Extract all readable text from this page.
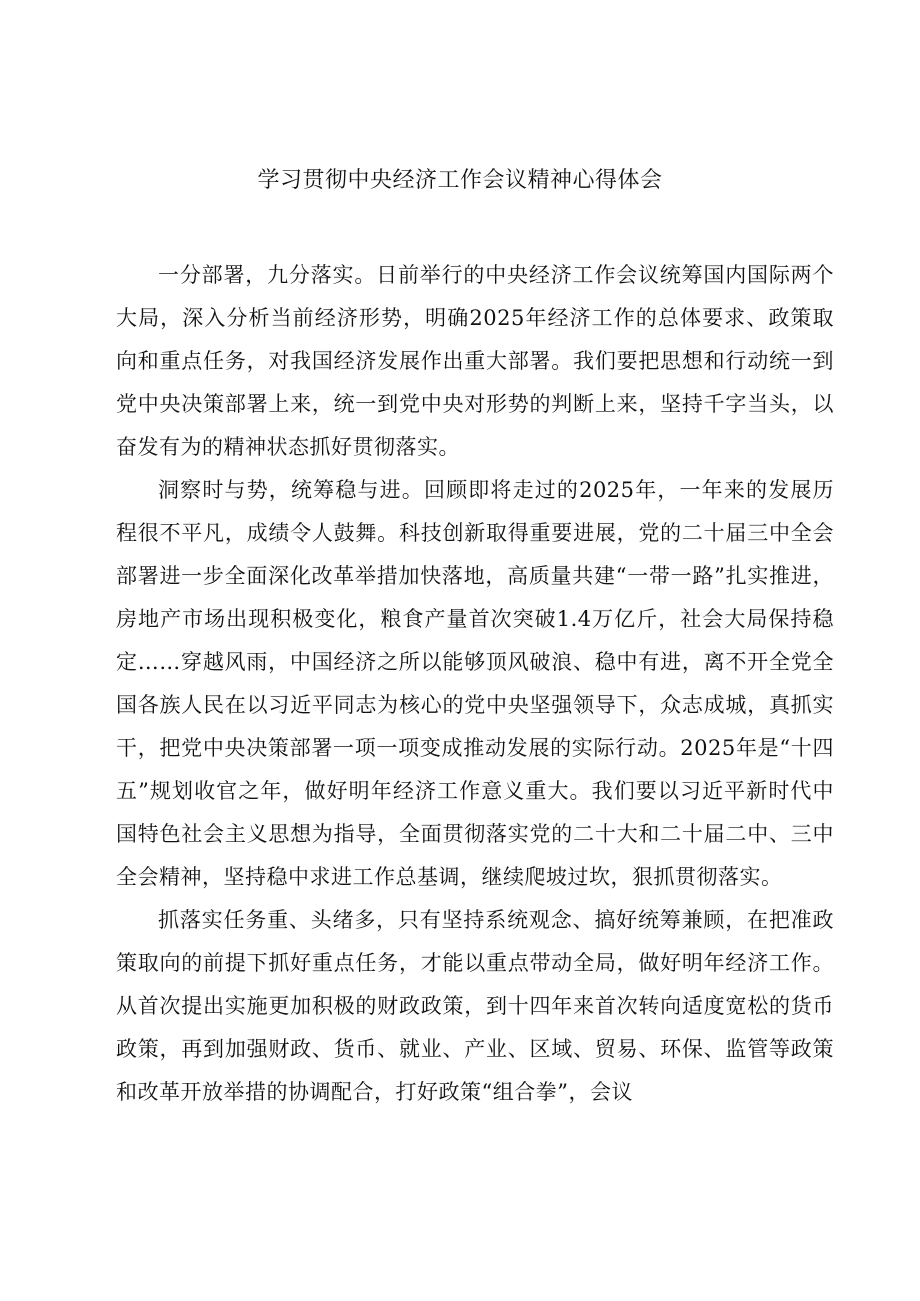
学习贯彻中央经济工作会议精神心得体会

一分部署，九分落实。日前举行的中央经济工作会议统筹国内国际两个大局，深入分析当前经济形势，明确2025年经济工作的总体要求、政策取向和重点任务，对我国经济发展作出重大部署。我们要把思想和行动统一到党中央决策部署上来，统一到党中央对形势的判断上来，坚持千字当头，以奋发有为的精神状态抓好贯彻落实。

洞察时与势，统筹稳与进。回顾即将走过的2025年，一年来的发展历程很不平凡，成绩令人鼓舞。科技创新取得重要进展，党的二十届三中全会部署进一步全面深化改革举措加快落地，高质量共建“一带一路”扎实推进，房地产市场出现积极变化，粮食产量首次突破1.4万亿斤，社会大局保持稳定……穿越风雨，中国经济之所以能够顶风破浪、稳中有进，离不开全党全国各族人民在以习近平同志为核心的党中央坚强领导下，众志成城，真抓实干，把党中央决策部署一项一项变成推动发展的实际行动。2025年是“十四五”规划收官之年，做好明年经济工作意义重大。我们要以习近平新时代中国特色社会主义思想为指导，全面贯彻落实党的二十大和二十届二中、三中全会精神，坚持稳中求进工作总基调，继续爬坡过坎，狠抓贯彻落实。

抓落实任务重、头绪多，只有坚持系统观念、搞好统筹兼顾，在把准政策取向的前提下抓好重点任务，才能以重点带动全局，做好明年经济工作。从首次提出实施更加积极的财政政策，到十四年来首次转向适度宽松的货币政策，再到加强财政、货币、就业、产业、区域、贸易、环保、监管等政策和改革开放举措的协调配合，打好政策“组合拳”，会议
